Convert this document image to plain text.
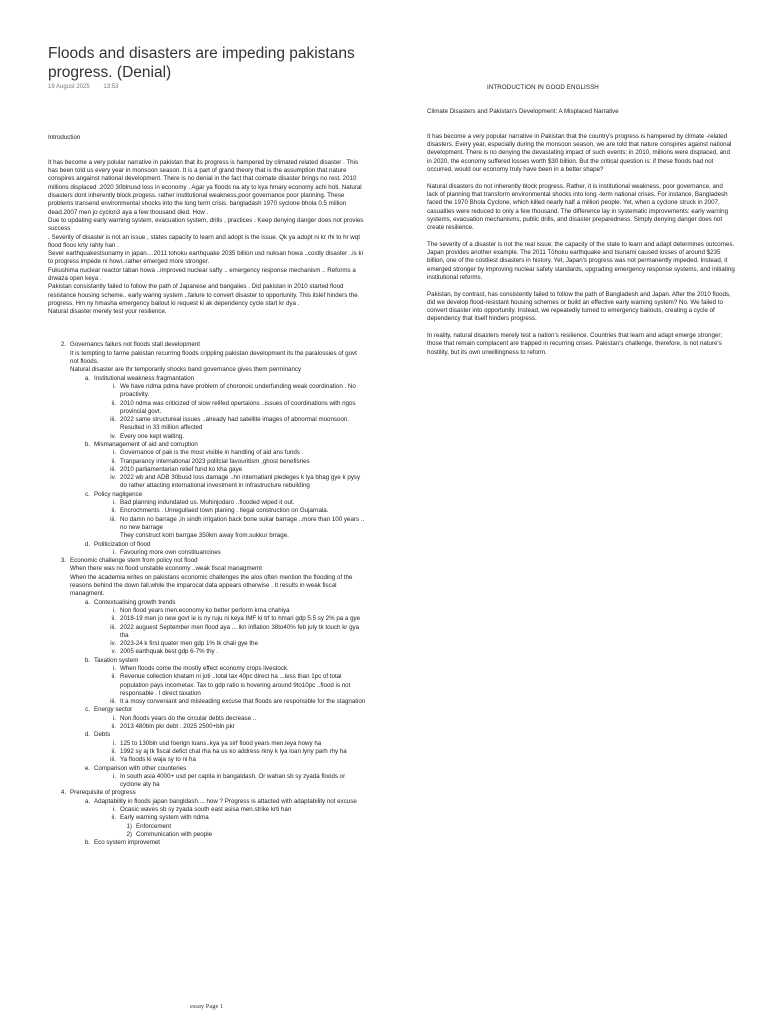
Floods and disasters are impeding pakistans progress. (Denial)
19 August 2025 13:53	INTRODUCTION IN GOOD ENGLISSH

Introduction

It has become a very polular narrative in pakistan that its progress is hampered by climated related disaster . This has been told us every year in monsoon season. It is a part of grand theory that is the assumption that nature conspires angainst national development. There is no denial in the fact that coimate disaster brings no rest. 2010 millions displaced .2020 30blnusd loss in economy . Agar ya floods na aty to kya hmary economy achi hoti. Natural disasters dont inherently block.progess. rather institutional weakness,poor governance poor planning. These problems transend environmental shocks into the long term crisis. bangladash 1970 syclone bhola 0.5 million dead.2007 men jo cyclon3 aya a few thousand died. How .

Due to updating early warning system, evacuation system, drills , practices . Keep denying danger does not provies success

. Severity of disaster is not an issue , states capacity to learn and adopt is the issue. Qk ya adopt ni kr rhi to hr wqt flood floos krty rahty han .

Sever earthquakestsunamy in japan....2011 tohoku earthquake 2035 billion usd nuksan howa ..costly disaster ..is ki to progress impede ni howi..rather emerged more stronger.

Fukushima nuclear reactor taban howa ..improved nuclear safty .. emergency response mechanism .. Reforms a drwaza open keya .

Pakistan consistantly failed to follow the path of Japanese and bangalies . Did pakistan in 2010 started flood resistance housing scheme.. early waring system ..failure to convert disaster to opportunity. This itslef hinders the progress. Hm ny hmasha emergency bailout ki request ki ak dependency cycle start kr dya .

Natural disaster merely test your resilience.

2. Governancs failurs not floods stall development
It is tempting to farme pakistan recurring floods crippling pakistan development its the paralossies of govt not floods.
Natural disaster are thr temporarily shocks band governance gives them perminancy
a. Institutional weakness fragmantation
i. We have ndma pdma have problem of choronoic underfunding weak coordination . No proactivity.
ii. 2010 ndma was criticized of slow relifed opertaions ..issues of coordinations with ngos provincial govt.
iii. 2022 same structureal issues ..already had satellite images of abnormal moonsoon. Resulted in 33 million affected
iv. Every one kept waiting.
b. Mismanagement of aid and corruption
i. Governance of pak is the most visible in handling of aid ans funds .
ii. Tranparancy international 2023 politcial favouritism ,ghost benefisries
iii. 2010 parliamentarian relief fund ko kha gaye
iv. 2022 wb and ADB 30busd loss damage ..hn internatianl pledeges k lya bhag gye k pysy do rather attacting international investment in infrastructure rebuilding
c. Policy nagligence
i. Bad planning indundated us. Muhinjodaro ..flooded wiped it out.
ii. Encrochments . Unregullaed town planing . Ilegal construction on Gujarnala.
iii. No damn no barrage ,in sindh irrigation back bone sukar barrage ..more than 100 years .. no new barrage
They construct kotri barrgae 350km away from.sukkur brrage.
d. Politicization of flood
i. Favouring more own constituancines
3. Economic challenge stem from policy not flood
When there was no flood unstable economy ..weak fiscal managmemt
When the academia writes on pakistans economic challenges the alos often mention the flooding of the reasons behind the down fall.while the imparocal data appears otherwise . It results in weak fiscal managment.
a. Contextualising growth trends
i. Non flood years men.economy ko better perform krna chahiya
ii. 2018-19 men jo new govt ie is ny ruju ni keya IMF ki trf to hmari gdp 5.5 sy 2% pa a gye
iii. 2022 auguest September men flood aya ... lkn inflation 38to40% feb july tk touch kr gya tha
iv. 2023-24 k first quater men gdp 1% tk chali gye the
v. 2005 earthquak best gdp 6-7% thy .
b. Taxation system
i. When floods come the mostly effect economy crops livestock.
ii. Revenue collection khatam ni joti ..total tax 40pc direct ha ...less than 1pc of total population pays incometax. Tax to gdp ratio is hovering around 9to10pc ..flood is not responsable . I direct taxation
iii. It a mosy conveniant and misleading excuse that floods are responsible for the stagnation
c. Energy sector
i. Non.floods years do the circular debts decrease ..
ii. 2013 480bln pkr debt . 2025 2500+bln pkr
d. Debts
i. 125 to 130bln usd foerign loans..kya ya sirf flood years men.leya howy ha
ii. 1992 sy aj tk fiscal defict chal rha ha us ko address rkny k lya loan lyny parh rhy ha
iii. Ya floods ki waja sy to ni ha
e. Comparison with other counteries
i. In south asia 4000+ usd per capita in bangaldash. Or wahan sb sy zyada floods or cyclone aty ha
4. Prerequisite of progress
a. Adaptability in floods japan bangldash.... how ? Progress is attacted with adaptability not excuse
i. Ocasic waves sb sy zyada south east asisa men.strike krti han
ii. Early warning system with ndma
1) Enforcement
2) Communication with people
b. Eco system improvemet

Climate Disasters and Pakistan's Development: A Misplaced Narrative

It has become a very popular narrative in Pakistan that the country's progress is hampered by climate -related disasters. Every year, especially during the monsoon season, we are told that nature conspires against national development. There is no denying the devastating impact of such events: in 2010, millions were displaced, and in 2020, the economy suffered losses worth $30 billion. But the critical question is: if these floods had not occurred, would our economy truly have been in a better shape?

Natural disasters do not inherently block progress. Rather, it is institutional weakness, poor governance, and lack of planning that transform environmental shocks into long -term national crises. For instance, Bangladesh faced the 1970 Bhola Cyclone, which killed nearly half a million people. Yet, when a cyclone struck in 2007, casualties were reduced to only a few thousand. The difference lay in systematic improvements: early warning systems, evacuation mechanisms, public drills, and disaster preparedness. Simply denying danger does not create resilience.

The severity of a disaster is not the real issue; the capacity of the state to learn and adapt determines outcomes. Japan provides another example. The 2011 Tōhoku earthquake and tsunami caused losses of around $235 billion, one of the costliest disasters in history. Yet, Japan's progress was not permanently impeded. Instead, it emerged stronger by improving nuclear safety standards, upgrading emergency response systems, and initiating institutional reforms.

Pakistan, by contrast, has consistently failed to follow the path of Bangladesh and Japan. After the 2010 floods, did we develop flood-resistant housing schemes or build an effective early warning system? No. We failed to convert disaster into opportunity. Instead, we repeatedly turned to emergency bailouts, creating a cycle of dependency that itself hinders progress.

In reality, natural disasters merely test a nation's resilience. Countries that learn and adapt emerge stronger; those that remain complacent are trapped in recurring crises. Pakistan's challenge, therefore, is not nature's hostility, but its own unwillingness to reform.

essay Page 1
